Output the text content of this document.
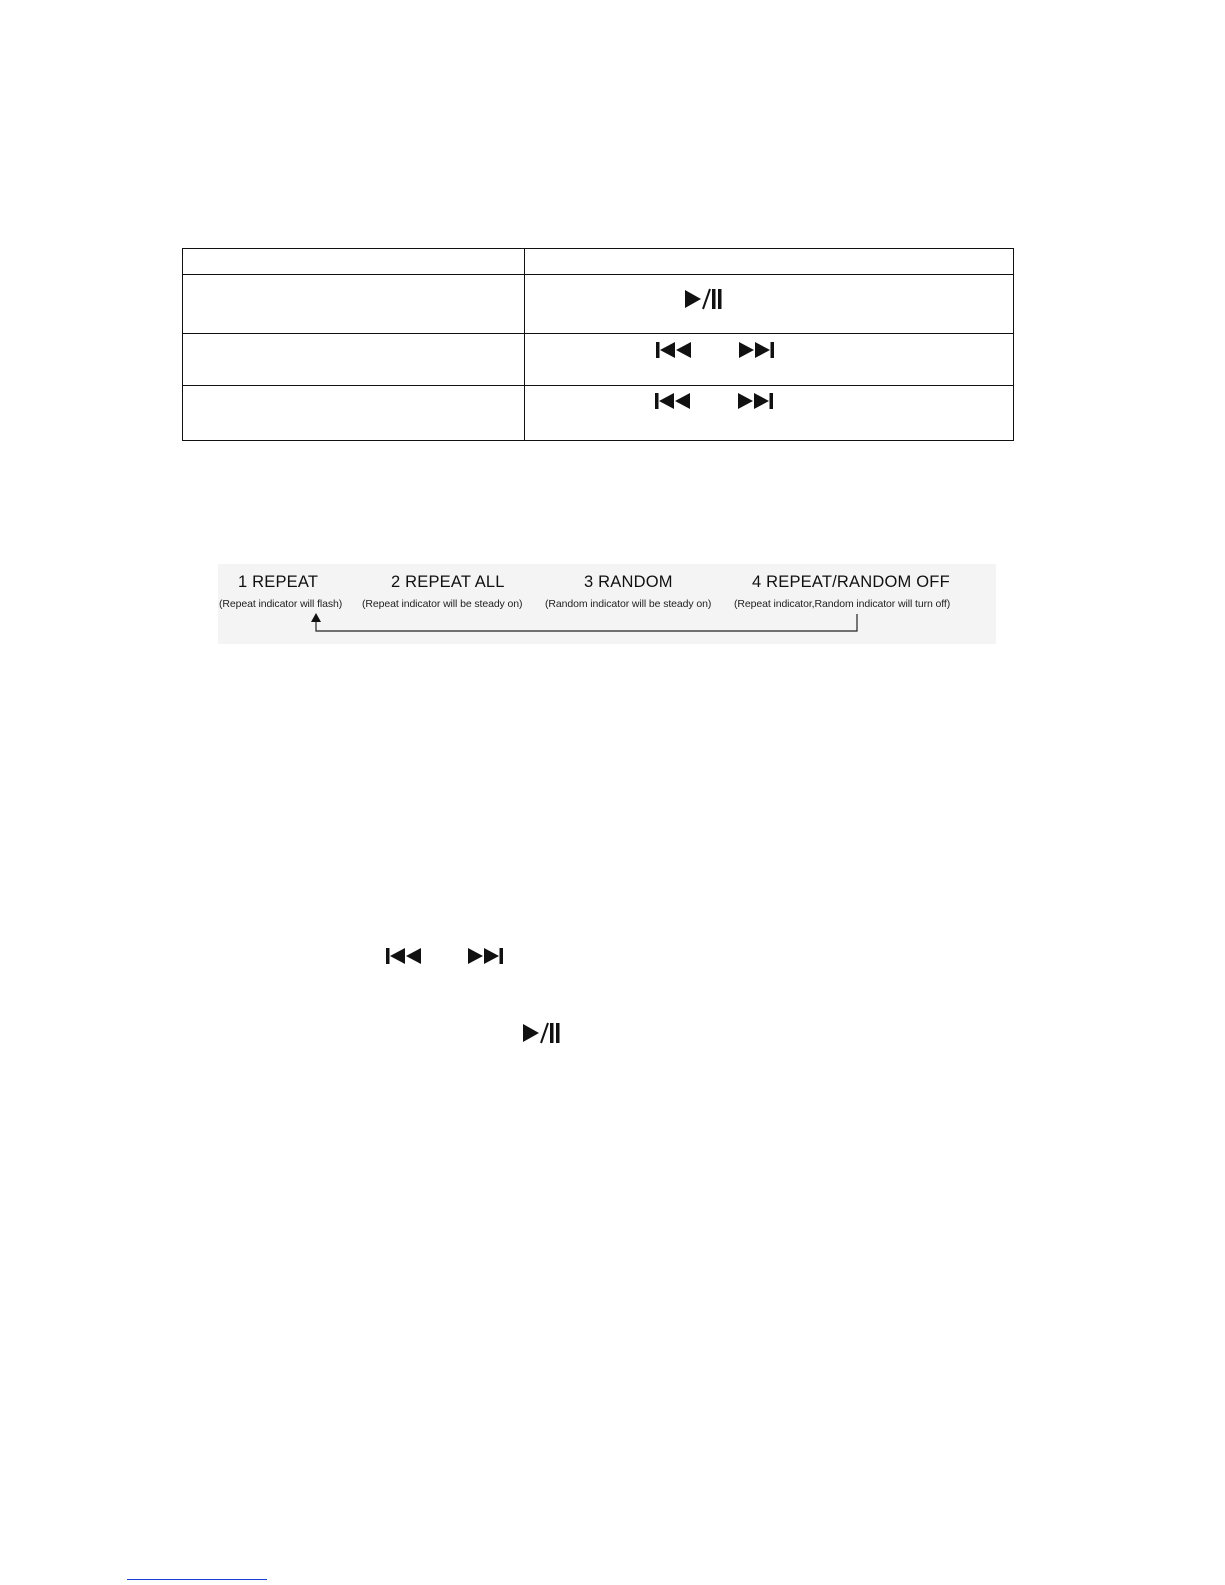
1 REPEAT	2 REPEAT ALL	3 RANDOM	4 REPEAT/RANDOM OFF
(Repeat indicator will flash) (Repeat indicator will be steady on) (Random indicator will be steady on) (Repeat indicator,Random indicator will turn off)
